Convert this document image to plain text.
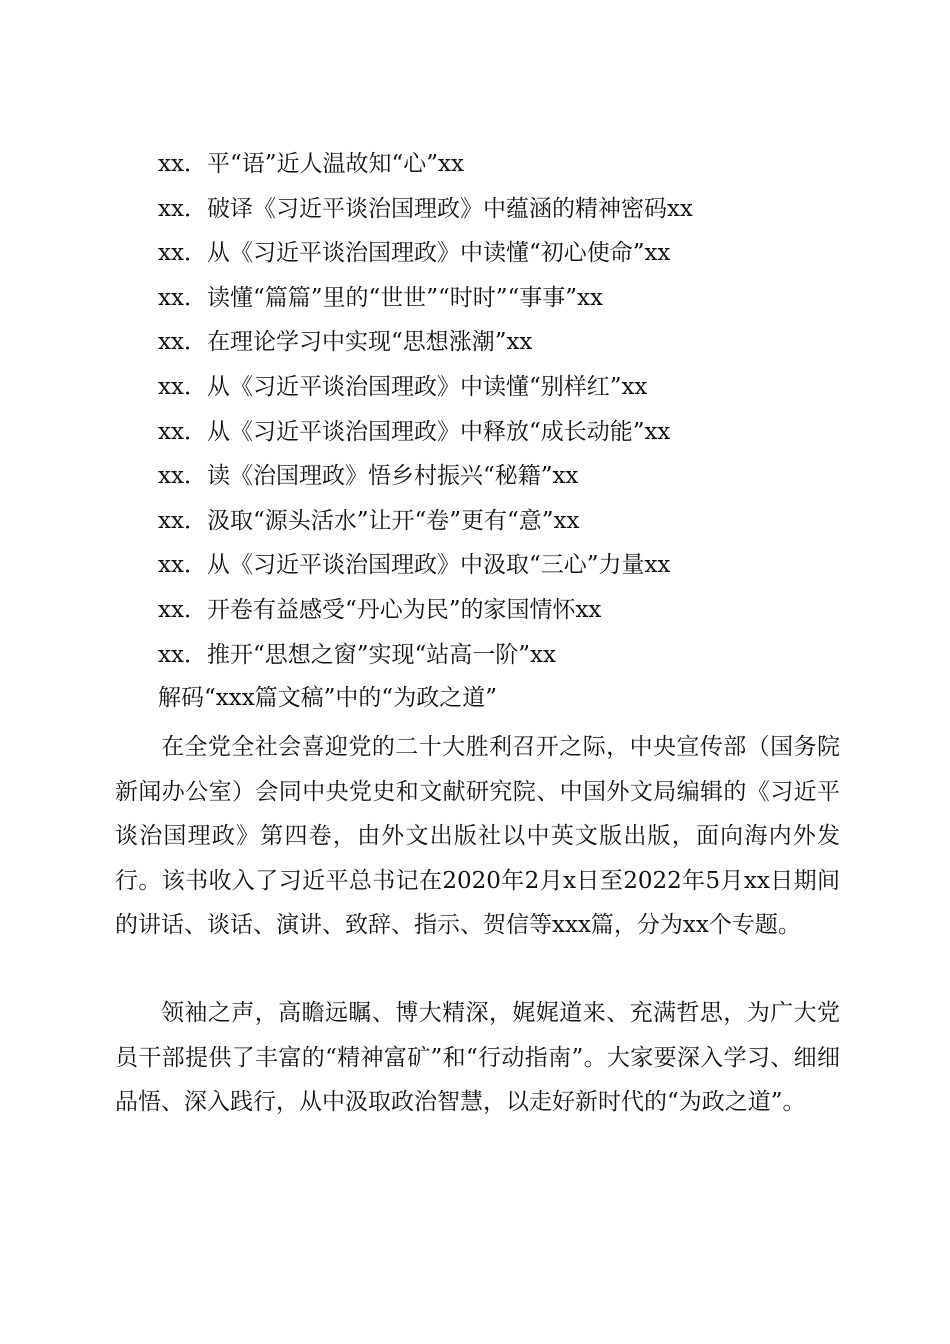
xx．平“语”近人温故知“心”xx
xx．破译《习近平谈治国理政》中蕴涵的精神密码xx
xx．从《习近平谈治国理政》中读懂“初心使命”xx
xx．读懂“篇篇”里的“世世”“时时”“事事”xx
xx．在理论学习中实现“思想涨潮”xx
xx．从《习近平谈治国理政》中读懂“别样红”xx
xx．从《习近平谈治国理政》中释放“成长动能”xx
xx．读《治国理政》悟乡村振兴“秘籍”xx
xx．汲取“源头活水”让开“卷”更有“意”xx
xx．从《习近平谈治国理政》中汲取“三心”力量xx
xx．开卷有益感受“丹心为民”的家国情怀xx
xx．推开“思想之窗”实现“站高一阶”xx
解码“xxx篇文稿”中的“为政之道”

在全党全社会喜迎党的二十大胜利召开之际，中央宣传部（国务院新闻办公室）会同中央党史和文献研究院、中国外文局编辑的《习近平谈治国理政》第四卷，由外文出版社以中英文版出版，面向海内外发行。该书收入了习近平总书记在2020年2月x日至2022年5月xx日期间的讲话、谈话、演讲、致辞、指示、贺信等xxx篇，分为xx个专题。

领袖之声，高瞻远瞩、博大精深，娓娓道来、充满哲思，为广大党员干部提供了丰富的“精神富矿”和“行动指南”。大家要深入学习、细细品悟、深入践行，从中汲取政治智慧，以走好新时代的“为政之道”。
